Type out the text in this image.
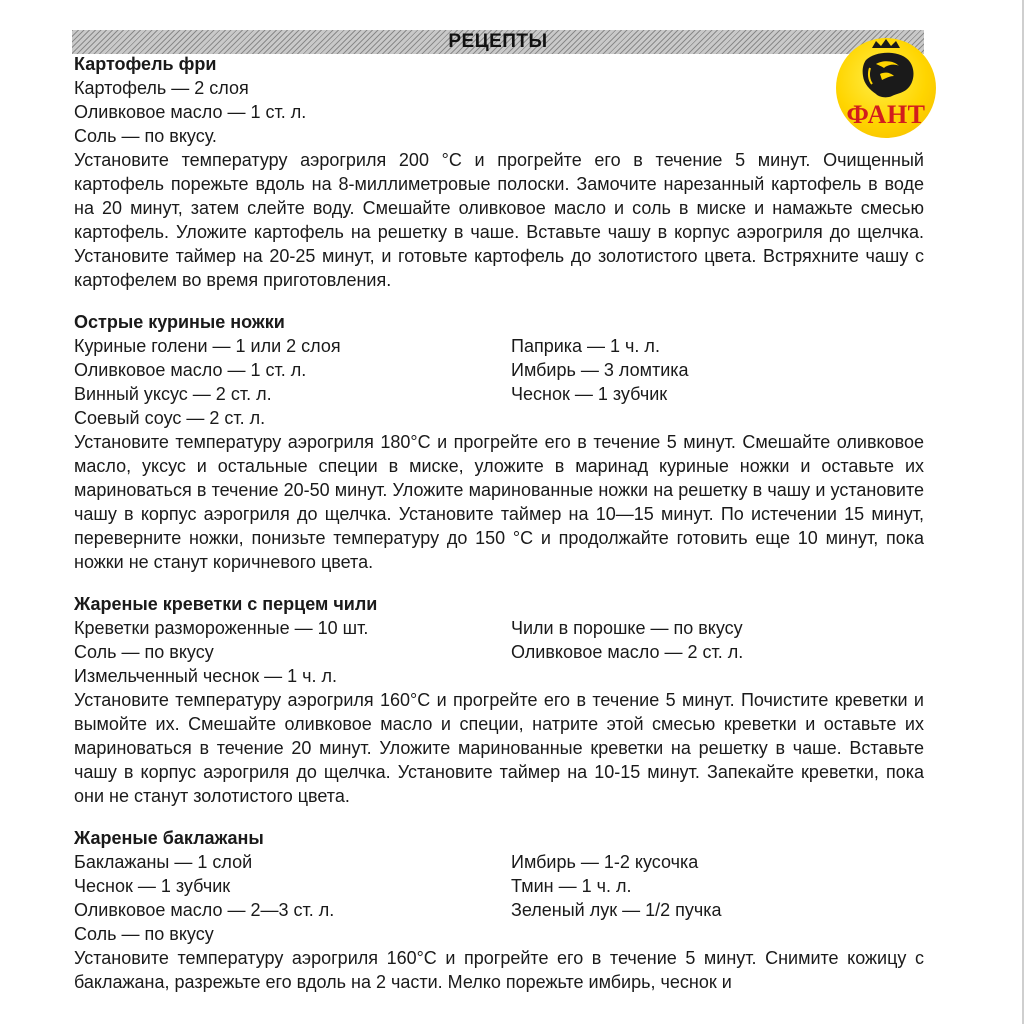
РЕЦЕПТЫ
ФАНТ

Картофель фри

Картофель — 2 слоя

Оливковое масло — 1 ст. л.

Соль — по вкусу.

Установите температуру аэрогриля 200 °С и прогрейте его в течение 5 минут. Очищенный картофель порежьте вдоль на 8-миллиметровые полоски. Замочите нарезанный картофель в воде на 20 минут, затем слейте воду. Смешайте оливковое масло и соль в миске и намажьте смесью картофель. Уложите картофель на решетку в чаше. Вставьте чашу в корпус аэрогриля до щелчка. Установите таймер на 20-25 минут, и готовьте картофель до золотистого цвета. Встряхните чашу с картофелем во время приготовления.

Острые куриные ножки

Куриные голени — 1 или 2 слоя

Оливковое масло — 1 ст. л.

Винный уксус — 2 ст. л.

Соевый соус — 2 ст. л.

Паприка — 1 ч. л.

Имбирь — 3 ломтика

Чеснок — 1 зубчик

Установите температуру аэрогриля 180°С и прогрейте его в течение 5 минут. Смешайте оливковое масло, уксус и остальные специи в миске, уложите в маринад куриные ножки и оставьте их мариноваться в течение 20-50 минут. Уложите маринованные ножки на решетку в чашу и установите чашу в корпус аэрогриля до щелчка. Установите таймер на 10—15 минут. По истечении 15 минут, переверните ножки, понизьте температуру до 150 °С и продолжайте готовить еще 10 минут, пока ножки не станут коричневого цвета.

Жареные креветки с перцем чили

Креветки размороженные — 10 шт.

Соль — по вкусу

Измельченный чеснок — 1 ч. л.

Чили в порошке — по вкусу

Оливковое масло — 2 ст. л.

Установите температуру аэрогриля 160°С и прогрейте его в течение 5 минут. Почистите креветки и вымойте их. Смешайте оливковое масло и специи, натрите этой смесью креветки и оставьте их мариноваться в течение 20 минут. Уложите маринованные креветки на решетку в чаше. Вставьте чашу в корпус аэрогриля до щелчка. Установите таймер на 10-15 минут. Запекайте креветки, пока они не станут золотистого цвета.

Жареные баклажаны

Баклажаны — 1 слой

Чеснок — 1 зубчик

Оливковое масло — 2—3 ст. л.

Соль — по вкусу

Имбирь — 1-2 кусочка

Тмин — 1 ч. л.

Зеленый лук — 1/2 пучка

Установите температуру аэрогриля 160°С и прогрейте его в течение 5 минут. Снимите кожицу с баклажана, разрежьте его вдоль на 2 части. Мелко порежьте имбирь, чеснок и
